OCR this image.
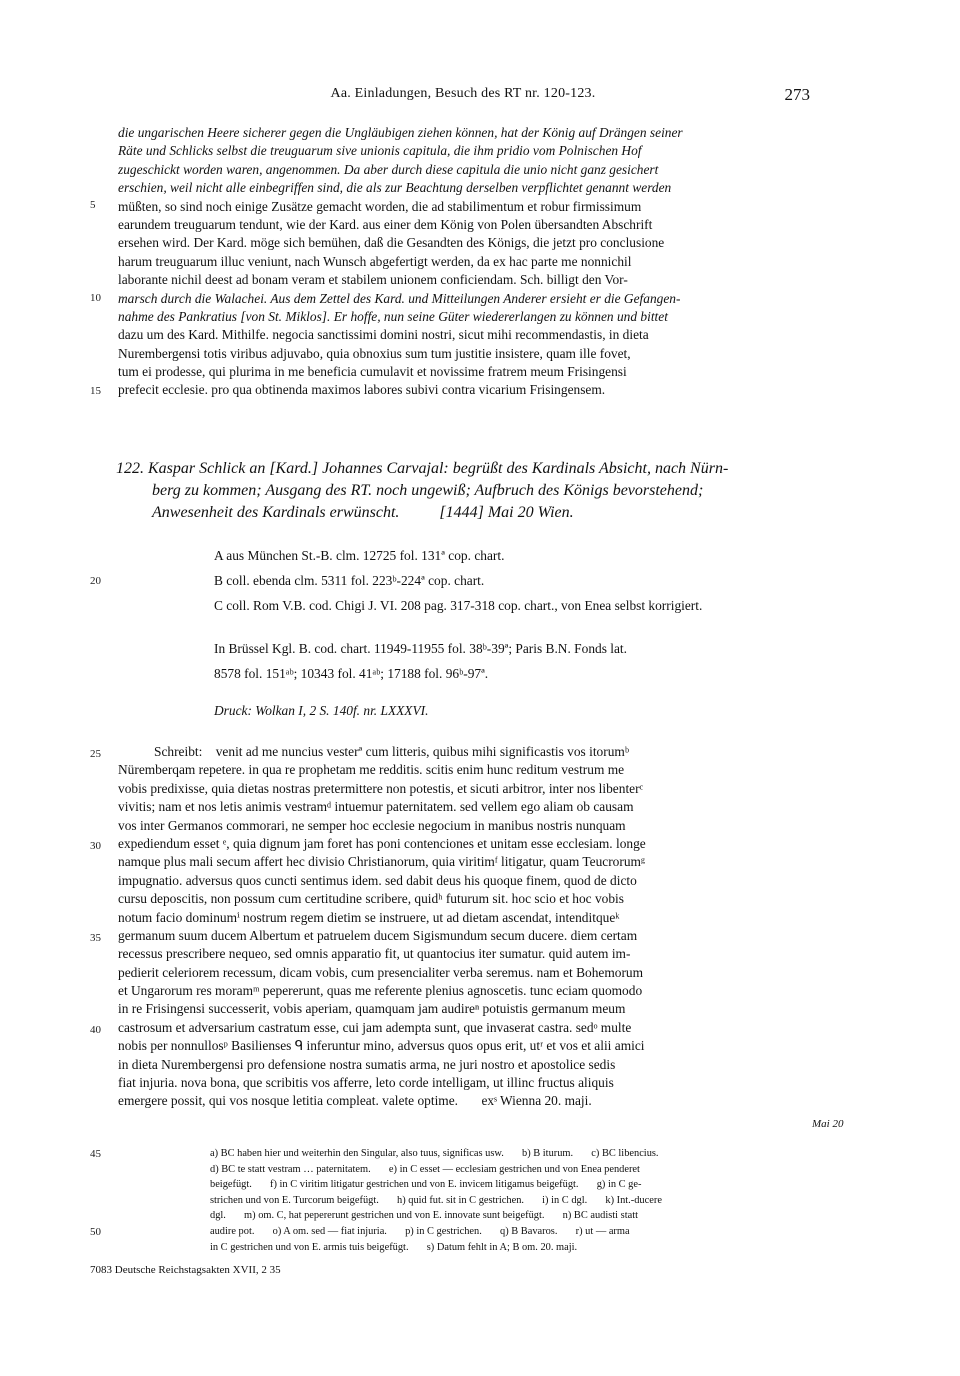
Aa. Einladungen, Besuch des RT nr. 120-123.	273
die ungarischen Heere sicherer gegen die Ungläubigen ziehen können, hat der König auf Drängen seiner
Räte und Schlicks selbst die treuguarum sive unionis capitula, die ihm pridio vom Polnischen Hof
zugeschickt worden waren, angenommen. Da aber durch diese capitula die unio nicht ganz gesichert
erschien, weil nicht alle einbegriffen sind, die als zur Beachtung derselben verpflichtet genannt werden
müßten, so sind noch einige Zusätze gemacht worden, die ad stabilimentum et robur firmissimum
earundem treuguarum tendunt, wie der Kard. aus einer dem König von Polen übersandten Abschrift
ersehen wird. Der Kard. möge sich bemühen, daß die Gesandten des Königs, die jetzt pro conclusione
harum treuguarum illuc veniunt, nach Wunsch abgefertigt werden, da ex hac parte me nonnichil
laborante nichil deest ad bonam veram et stabilem unionem conficiendam. Sch. billigt den Vor-
marsch durch die Walachei. Aus dem Zettel des Kard. und Mitteilungen Anderer ersieht er die Gefangen-
nahme des Pankratius [von St. Miklos]. Er hoffe, nun seine Güter wiedererlangen zu können und bittet
dazu um des Kard. Mithilfe. negocia sanctissimi domini nostri, sicut mihi recommendastis, in dieta
Nurembergensi totis viribus adjuvabo, quia obnoxius sum tum justitie insistere, quam ille fovet,
tum ei prodesse, qui plurima in me beneficia cumulavit et novissime fratrem meum Frisingensi
prefecit ecclesie. pro qua obtinenda maximos labores subivi contra vicarium Frisingensem.
5
10
15
122. Kaspar Schlick an [Kard.] Johannes Carvajal: begrüßt des Kardinals Absicht, nach Nürn-
berg zu kommen; Ausgang des RT. noch ungewiß; Aufbruch des Königs bevorstehend;
Anwesenheit des Kardinals erwünscht.          [1444] Mai 20 Wien.
A aus München St.-B. clm. 12725 fol. 131ª cop. chart.
B coll. ebenda clm. 5311 fol. 223ᵇ-224ª cop. chart.
C coll. Rom V.B. cod. Chigi J. VI. 208 pag. 317-318 cop. chart., von Enea selbst korrigiert.
20
In Brüssel Kgl. B. cod. chart. 11949-11955 fol. 38ᵇ-39ª; Paris B.N. Fonds lat.
8578 fol. 151ᵃᵇ; 10343 fol. 41ᵃᵇ; 17188 fol. 96ᵇ-97ª.
Druck: Wolkan I, 2 S. 140f. nr. LXXXVI.
Schreibt:    venit ad me nuncius vesterª cum litteris, quibus mihi significastis vos itorumᵇ
Nüremberqam repetere. in qua re prophetam me redditis. scitis enim hunc reditum vestrum me
vobis predixisse, quia dietas nostras pretermittere non potestis, et sicuti arbitror, inter nos libenterᶜ
vivitis; nam et nos letis animis vestramᵈ intuemur paternitatem. sed vellem ego aliam ob causam
vos inter Germanos commorari, ne semper hoc ecclesie negocium in manibus nostris nunquam
expediendum esset ᵉ, quia dignum jam foret has poni contenciones et unitam esse ecclesiam. longe
namque plus mali secum affert hec divisio Christianorum, quia viritimᶠ litigatur, quam Teucrorumᵍ
impugnatio. adversus quos cuncti sentimus idem. sed dabit deus his quoque finem, quod de dicto
cursu deposcitis, non possum cum certitudine scribere, quidʰ futurum sit. hoc scio et hoc vobis
notum facio dominumⁱ nostrum regem dietim se instruere, ut ad dietam ascendat, intenditqueᵏ
germanum suum ducem Albertum et patruelem ducem Sigismundum secum ducere. diem certam
recessus prescribere nequeo, sed omnis apparatio fit, ut quantocius iter sumatur. quid autem im-
pedierit celeriorem recessum, dicam vobis, cum presencialiter verba seremus. nam et Bohemorum
et Ungarorum res moramᵐ pepererunt, quas me referente plenius agnoscetis. tunc eciam quomodo
in re Frisingensi successerit, vobis aperiam, quamquam jam audireⁿ potuistis germanum meum
castrosum et adversarium castratum esse, cui jam adempta sunt, que invaserat castra. sedᵒ multe
nobis per nonnullosᵖ Basilienses ᑫ inferuntur mino, adversus quos opus erit, utʳ et vos et alii amici
in dieta Nurembergensi pro defensione nostra sumatis arma, ne juri nostro et apostolice sedis
fiat injuria. nova bona, que scribitis vos afferre, leto corde intelligam, ut illinc fructus aliquis
emergere possit, qui vos nosque letitia compleat. valete optime.       exˢ Wienna 20. maji.
25
30
35
40
Mai 20
a) BC haben hier und weiterhin den Singular, also tuus, significas usw.       b) B iturum.       c) BC libencius.
d) BC te statt vestram … paternitatem.       e) in C esset — ecclesiam gestrichen und von Enea penderet
beigefügt.       f) in C viritim litigatur gestrichen und von E. invicem litigamus beigefügt.       g) in C ge-
strichen und von E. Turcorum beigefügt.       h) quid fut. sit in C gestrichen.       i) in C dgl.       k) Int.-ducere
dgl.       m) om. C, hat pepererunt gestrichen und von E. innovate sunt beigefügt.       n) BC audisti statt
audire pot.       o) A om. sed — fiat injuria.       p) in C gestrichen.       q) B Bavaros.       r) ut — arma
in C gestrichen und von E. armis tuis beigefügt.       s) Datum fehlt in A; B om. 20. maji.
45
50
7083 Deutsche Reichstagsakten XVII, 2 35
